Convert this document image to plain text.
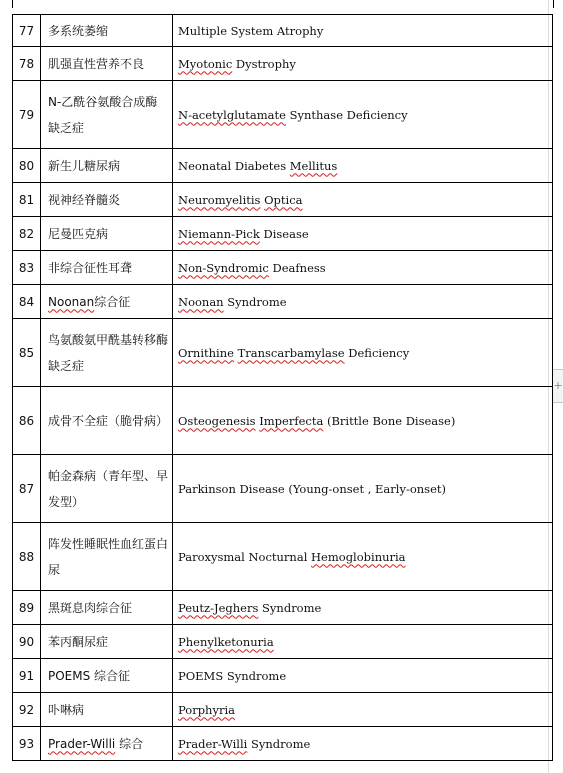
+
77	多系统萎缩	Multiple System Atrophy
78	肌强直性营养不良	Myotonic Dystrophy
79	N-乙酰谷氨酸合成酶缺乏症	N-acetylglutamate Synthase Deficiency
80	新生儿糖尿病	Neonatal Diabetes Mellitus
81	视神经脊髓炎	Neuromyelitis Optica
82	尼曼匹克病	Niemann-Pick Disease
83	非综合征性耳聋	Non-Syndromic Deafness
84	Noonan综合征	Noonan Syndrome
85	鸟氨酸氨甲酰基转移酶缺乏症	Ornithine Transcarbamylase Deficiency
86	成骨不全症（脆骨病）	Osteogenesis Imperfecta (Brittle Bone Disease)
87	帕金森病（青年型、早发型）	Parkinson Disease (Young-onset , Early-onset)
88	阵发性睡眠性血红蛋白尿	Paroxysmal Nocturnal Hemoglobinuria
89	黑斑息肉综合征	Peutz-Jeghers Syndrome
90	苯丙酮尿症	Phenylketonuria
91	POEMS 综合征	POEMS Syndrome
92	卟啉病	Porphyria
93	Prader-Willi 综合	Prader-Willi Syndrome
